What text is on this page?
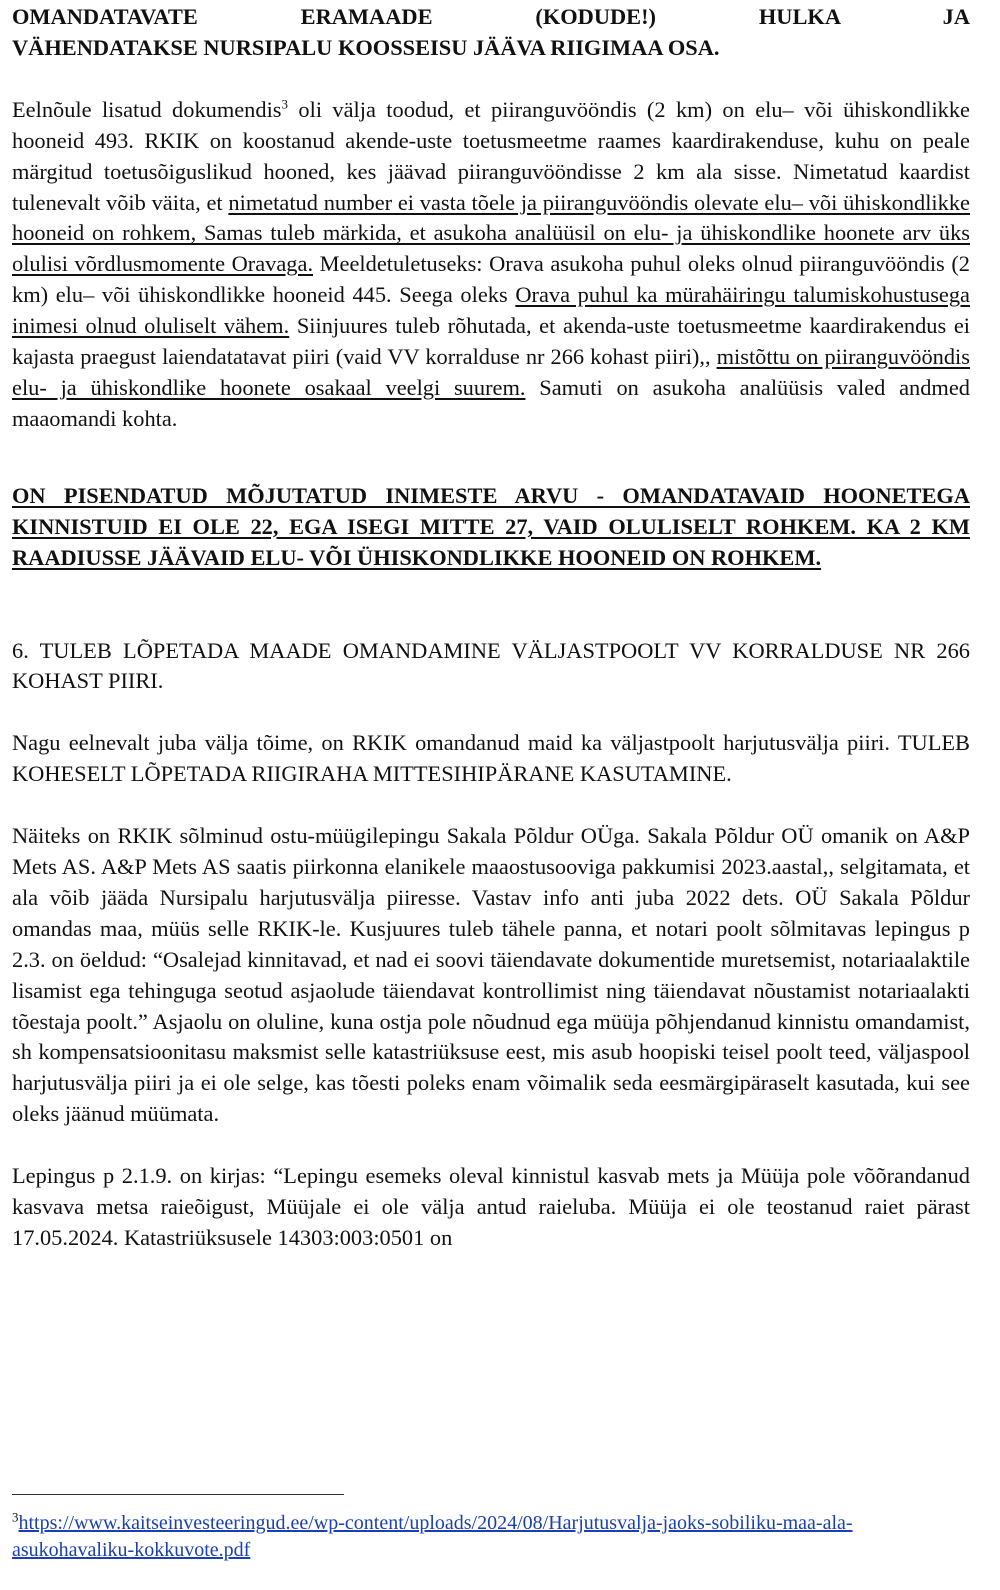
OMANDATAVATE ERAMAADE (KODUDE!) HULKA JA
VÄHENDATAKSE NURSIPALU KOOSSEISU JÄÄVA RIIGIMAA OSA.

Eelnõule lisatud dokumendis$^3$ oli välja toodud, et piiranguvööndis (2 km) on elu– või ühiskondlikke hooneid 493. RKIK on koostanud akende-uste toetusmeetme raames kaardirakenduse, kuhu on peale märgitud toetusõiguslikud hooned, kes jäävad piiranguvööndisse 2 km ala sisse. Nimetatud kaardist tulenevalt võib väita, et nimetatud number ei vasta tõele ja piiranguvööndis olevate elu– või ühiskondlikke hooneid on rohkem, Samas tuleb märkida, et asukoha analüüsil on elu- ja ühiskondlike hoonete arv üks olulisi võrdlusmomente Oravaga. Meeldetuletuseks: Orava asukoha puhul oleks olnud piiranguvööndis (2 km) elu– või ühiskondlikke hooneid 445. Seega oleks Orava puhul ka mürahäiringu talumiskohustusega inimesi olnud oluliselt vähem. Siinjuures tuleb rõhutada, et akenda-uste toetusmeetme kaardirakendus ei kajasta praegust laiendatatavat piiri (vaid VV korralduse nr 266 kohast piiri),, mistõttu on piiranguvööndis elu- ja ühiskondlike hoonete osakaal veelgi suurem. Samuti on asukoha analüüsis valed andmed maaomandi kohta.

ON PISENDATUD MÕJUTATUD INIMESTE ARVU - OMANDATAVAID HOONETEGA KINNISTUID EI OLE 22, EGA ISEGI MITTE 27, VAID OLULISELT ROHKEM. KA 2 KM RAADIUSSE JÄÄVAID ELU- VÕI ÜHISKONDLIKKE HOONEID ON ROHKEM.

6. TULEB LÕPETADA MAADE OMANDAMINE VÄLJASTPOOLT VV KORRALDUSE NR 266 KOHAST PIIRI.

Nagu eelnevalt juba välja tõime, on RKIK omandanud maid ka väljastpoolt harjutusvälja piiri. TULEB KOHESELT LÕPETADA RIIGIRAHA MITTESIHIPÄRANE KASUTAMINE.

Näiteks on RKIK sõlminud ostu-müügilepingu Sakala Põldur OÜga. Sakala Põldur OÜ omanik on A&P Mets AS. A&P Mets AS saatis piirkonna elanikele maaostusooviga pakkumisi 2023.aastal,, selgitamata, et ala võib jääda Nursipalu harjutusvälja piiresse. Vastav info anti juba 2022 dets. OÜ Sakala Põldur omandas maa, müüs selle RKIK-le. Kusjuures tuleb tähele panna, et notari poolt sõlmitavas lepingus p 2.3. on öeldud: “Osalejad kinnitavad, et nad ei soovi täiendavate dokumentide muretsemist, notariaalaktile lisamist ega tehinguga seotud asjaolude täiendavat kontrollimist ning täiendavat nõustamist notariaalakti tõestaja poolt.” Asjaolu on oluline, kuna ostja pole nõudnud ega müüja põhjendanud kinnistu omandamist, sh kompensatsioonitasu maksmist selle katastriüksuse eest, mis asub hoopiski teisel poolt teed, väljaspool harjutusvälja piiri ja ei ole selge, kas tõesti poleks enam võimalik seda eesmärgipäraselt kasutada, kui see oleks jäänud müümata.

Lepingus p 2.1.9. on kirjas: “Lepingu esemeks oleval kinnistul kasvab mets ja Müüja pole võõrandanud kasvava metsa raieõigust, Müüjale ei ole välja antud raieluba. Müüja ei ole teostanud raiet pärast 17.05.2024. Katastriüksusele 14303:003:0501 on

$^3$https://www.kaitseinvesteeringud.ee/wp-content/uploads/2024/08/Harjutusvalja-jaoks-sobiliku-maa-ala-asukohavaliku-kokkuvote.pdf
